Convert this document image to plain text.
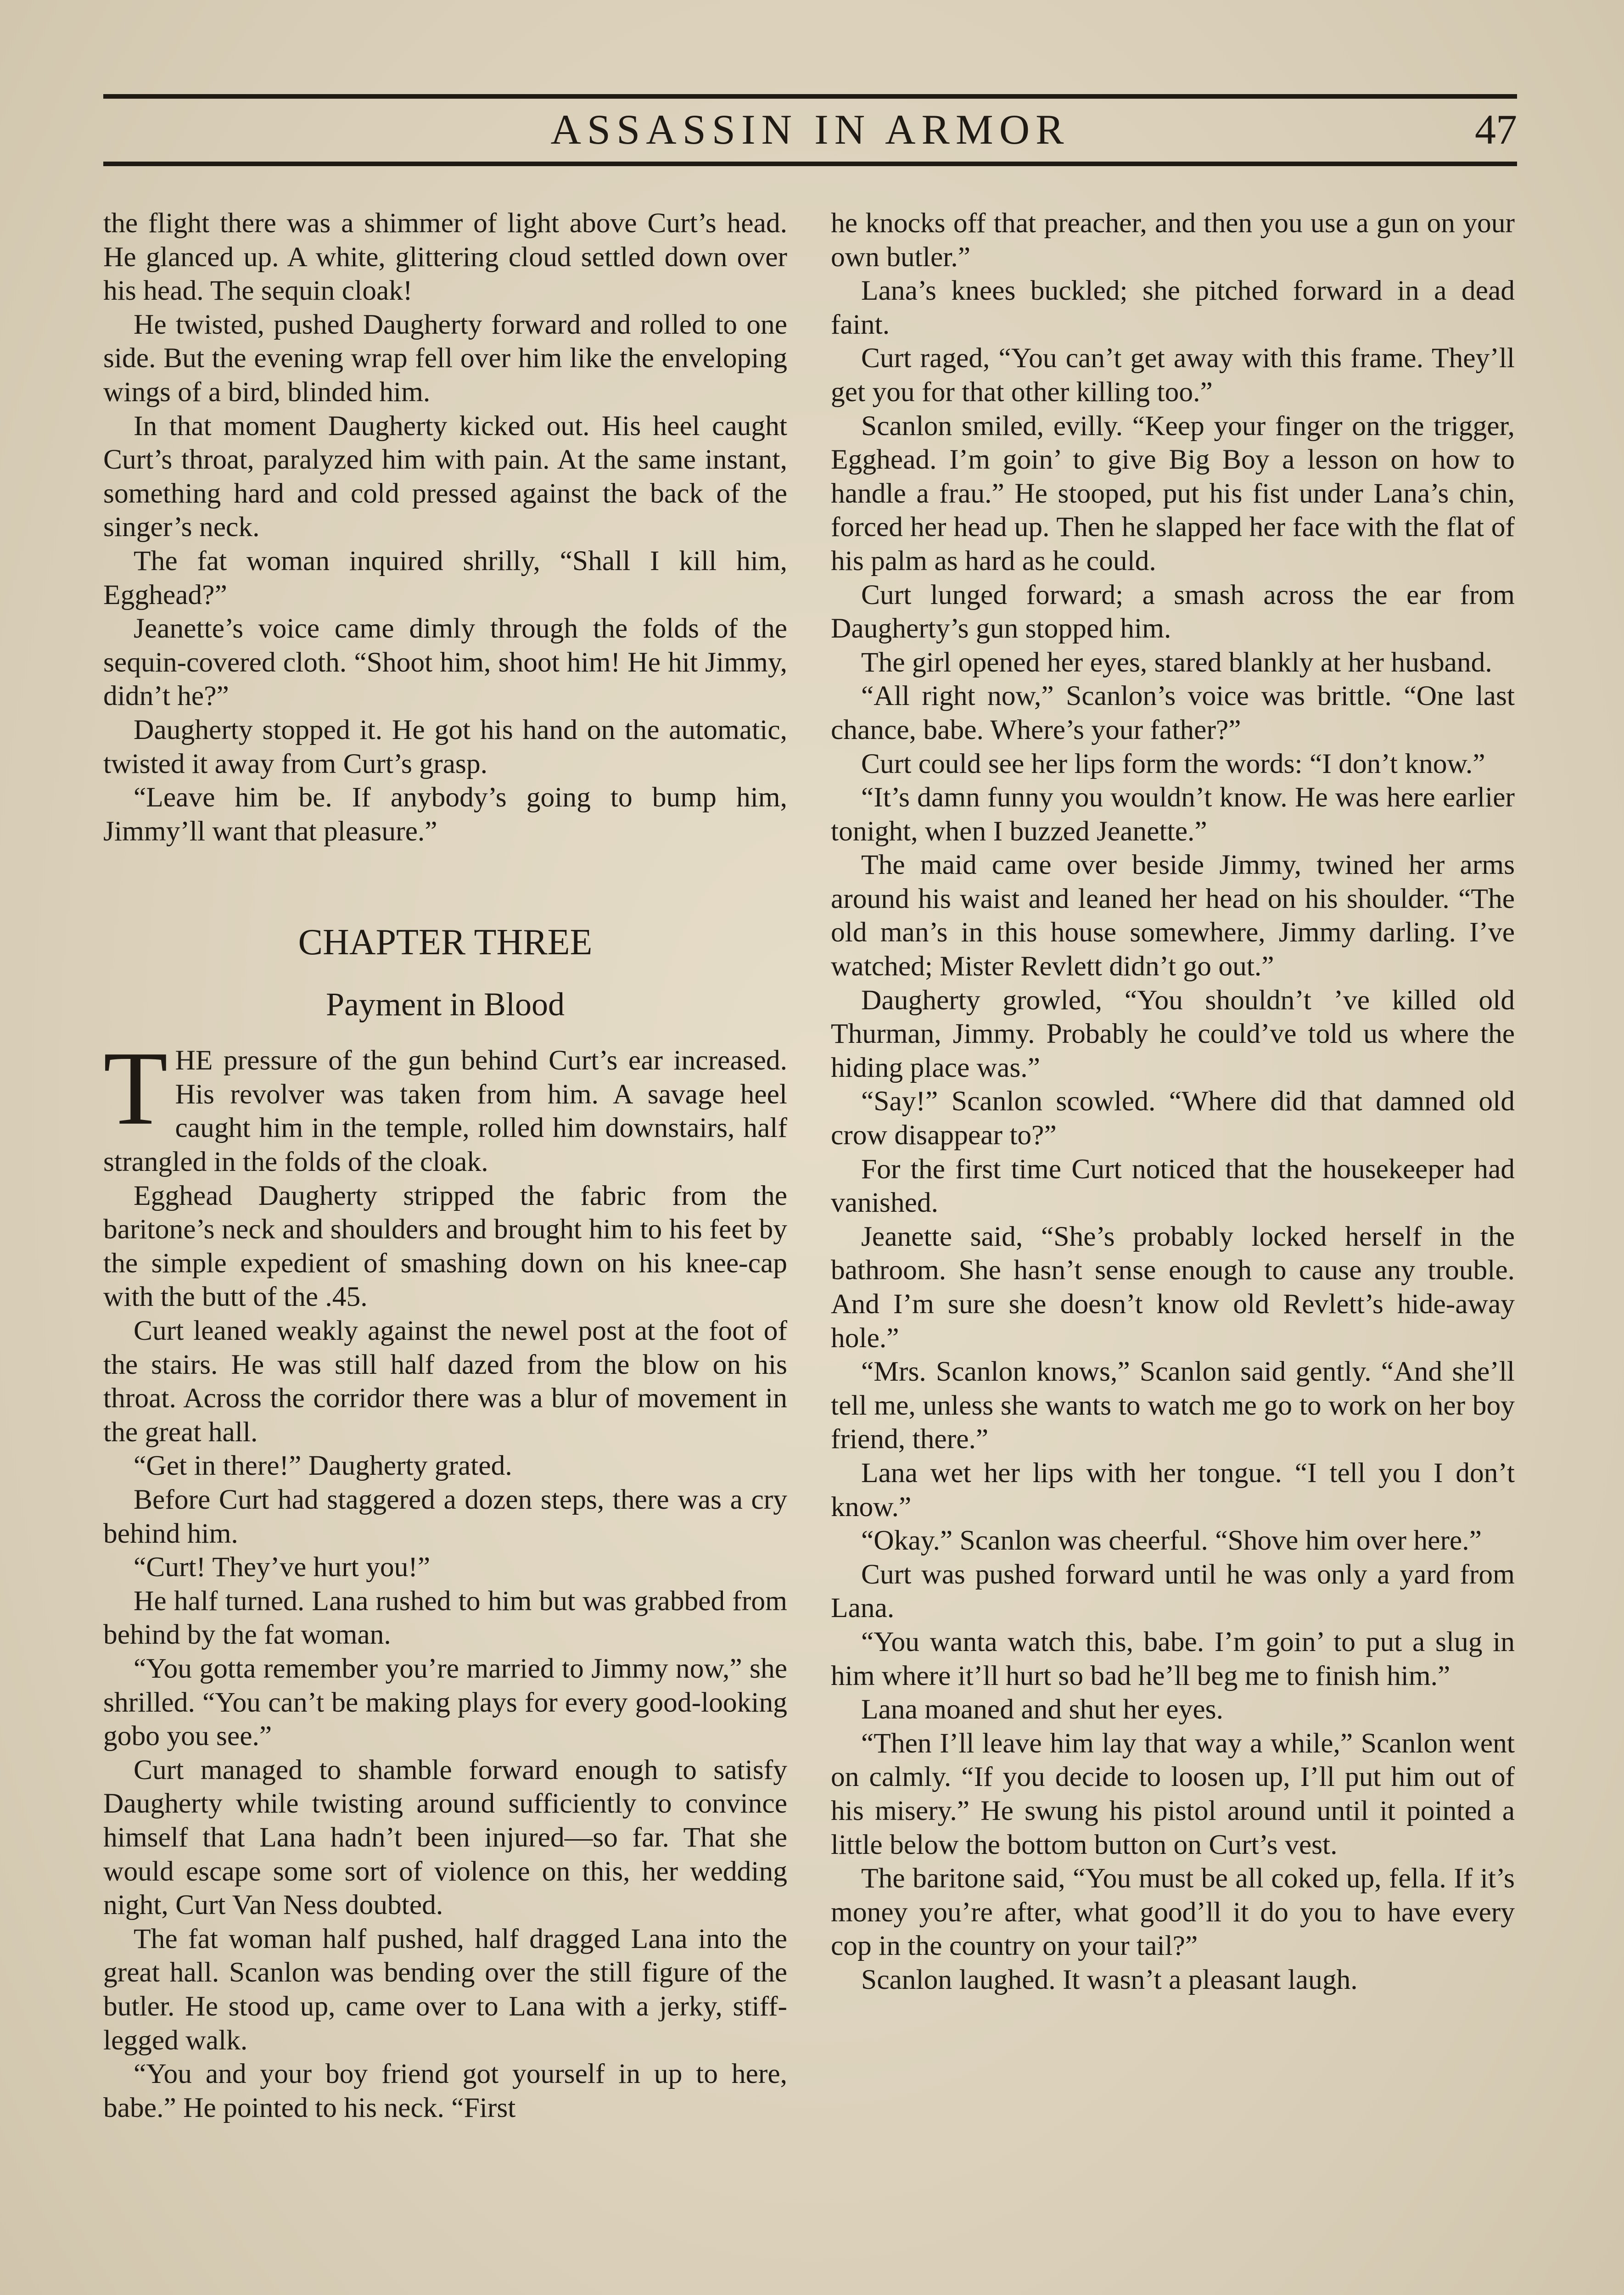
ASSASSIN IN ARMOR	47

the flight there was a shimmer of light above Curt’s head. He glanced up. A white, glittering cloud settled down over his head. The sequin cloak!

He twisted, pushed Daugherty forward and rolled to one side. But the evening wrap fell over him like the enveloping wings of a bird, blinded him.

In that moment Daugherty kicked out. His heel caught Curt’s throat, paralyzed him with pain. At the same instant, something hard and cold pressed against the back of the singer’s neck.

The fat woman inquired shrilly, “Shall I kill him, Egghead?”

Jeanette’s voice came dimly through the folds of the sequin-covered cloth. “Shoot him, shoot him! He hit Jimmy, didn’t he?”

Daugherty stopped it. He got his hand on the automatic, twisted it away from Curt’s grasp.

“Leave him be. If anybody’s going to bump him, Jimmy’ll want that pleasure.”

CHAPTER THREE
Payment in Blood

THE pressure of the gun behind Curt’s ear increased. His revolver was taken from him. A savage heel caught him in the temple, rolled him downstairs, half strangled in the folds of the cloak.

Egghead Daugherty stripped the fabric from the baritone’s neck and shoulders and brought him to his feet by the simple expedient of smashing down on his knee-cap with the butt of the .45.

Curt leaned weakly against the newel post at the foot of the stairs. He was still half dazed from the blow on his throat. Across the corridor there was a blur of movement in the great hall.

“Get in there!” Daugherty grated.

Before Curt had staggered a dozen steps, there was a cry behind him.

“Curt! They’ve hurt you!”

He half turned. Lana rushed to him but was grabbed from behind by the fat woman.

“You gotta remember you’re married to Jimmy now,” she shrilled. “You can’t be making plays for every good-looking gobo you see.”

Curt managed to shamble forward enough to satisfy Daugherty while twisting around sufficiently to convince himself that Lana hadn’t been injured—so far. That she would escape some sort of violence on this, her wedding night, Curt Van Ness doubted.

The fat woman half pushed, half dragged Lana into the great hall. Scanlon was bending over the still figure of the butler. He stood up, came over to Lana with a jerky, stiff-legged walk.

“You and your boy friend got yourself in up to here, babe.” He pointed to his neck. “First

he knocks off that preacher, and then you use a gun on your own butler.”

Lana’s knees buckled; she pitched forward in a dead faint.

Curt raged, “You can’t get away with this frame. They’ll get you for that other killing too.”

Scanlon smiled, evilly. “Keep your finger on the trigger, Egghead. I’m goin’ to give Big Boy a lesson on how to handle a frau.” He stooped, put his fist under Lana’s chin, forced her head up. Then he slapped her face with the flat of his palm as hard as he could.

Curt lunged forward; a smash across the ear from Daugherty’s gun stopped him.

The girl opened her eyes, stared blankly at her husband.

“All right now,” Scanlon’s voice was brittle. “One last chance, babe. Where’s your father?”

Curt could see her lips form the words: “I don’t know.”

“It’s damn funny you wouldn’t know. He was here earlier tonight, when I buzzed Jeanette.”

The maid came over beside Jimmy, twined her arms around his waist and leaned her head on his shoulder. “The old man’s in this house somewhere, Jimmy darling. I’ve watched; Mister Revlett didn’t go out.”

Daugherty growled, “You shouldn’t ’ve killed old Thurman, Jimmy. Probably he could’ve told us where the hiding place was.”

“Say!” Scanlon scowled. “Where did that damned old crow disappear to?”

For the first time Curt noticed that the housekeeper had vanished.

Jeanette said, “She’s probably locked herself in the bathroom. She hasn’t sense enough to cause any trouble. And I’m sure she doesn’t know old Revlett’s hide-away hole.”

“Mrs. Scanlon knows,” Scanlon said gently. “And she’ll tell me, unless she wants to watch me go to work on her boy friend, there.”

Lana wet her lips with her tongue. “I tell you I don’t know.”

“Okay.” Scanlon was cheerful. “Shove him over here.”

Curt was pushed forward until he was only a yard from Lana.

“You wanta watch this, babe. I’m goin’ to put a slug in him where it’ll hurt so bad he’ll beg me to finish him.”

Lana moaned and shut her eyes.

“Then I’ll leave him lay that way a while,” Scanlon went on calmly. “If you decide to loosen up, I’ll put him out of his misery.” He swung his pistol around until it pointed a little below the bottom button on Curt’s vest.

The baritone said, “You must be all coked up, fella. If it’s money you’re after, what good’ll it do you to have every cop in the country on your tail?”

Scanlon laughed. It wasn’t a pleasant laugh.
